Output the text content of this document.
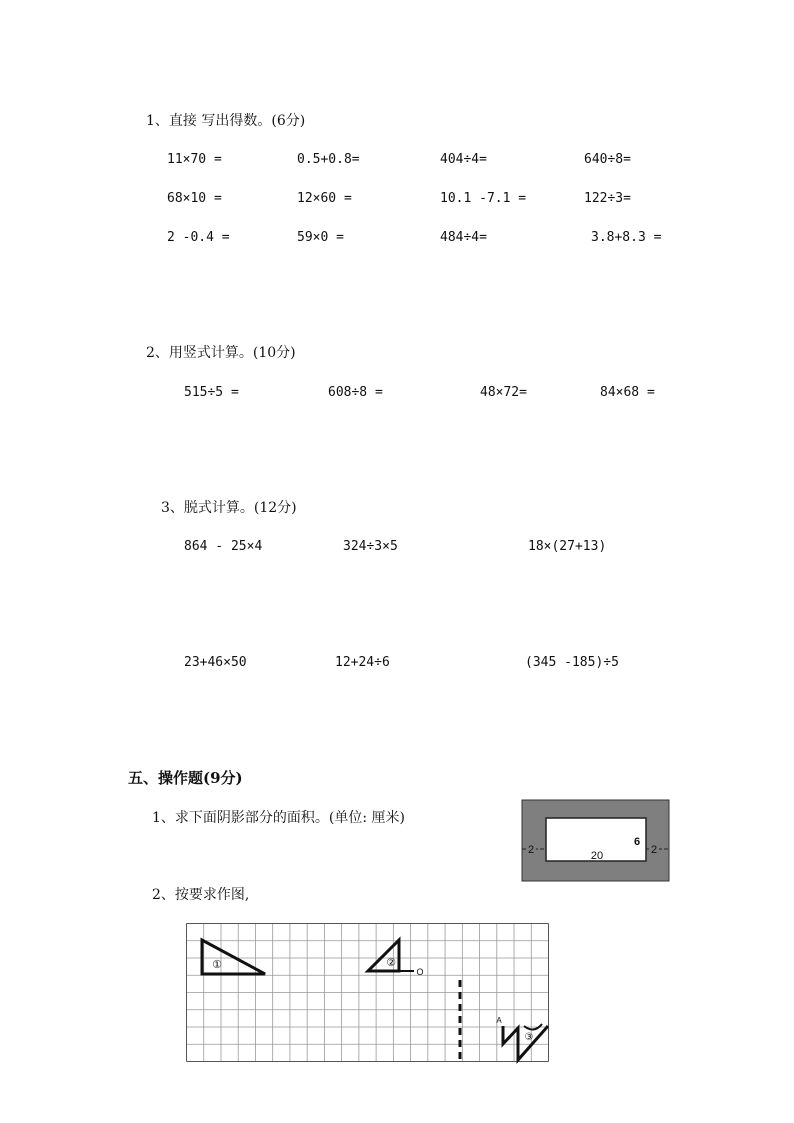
1、直接 写出得数。(6分)
11×70 =	0.5+0.8=	404÷4=	640÷8=
68×10 =	12×60 =	10.1 -7.1 =	122÷3=
2 -0.4 =	59×0 =	484÷4=	3.8+8.3 =
2、用竖式计算。(10分)
515÷5 =	608÷8 =	48×72=	84×68 =
3、脱式计算。(12分)
864 - 25×4	324÷3×5	18×(27+13)
23+46×50	12+24÷6	(345 -185)÷5
五、操作题(9分)
1、求下面阴影部分的面积。(单位: 厘米)
2、按要求作图,
20
6
2	2
①	②
O
A
③
